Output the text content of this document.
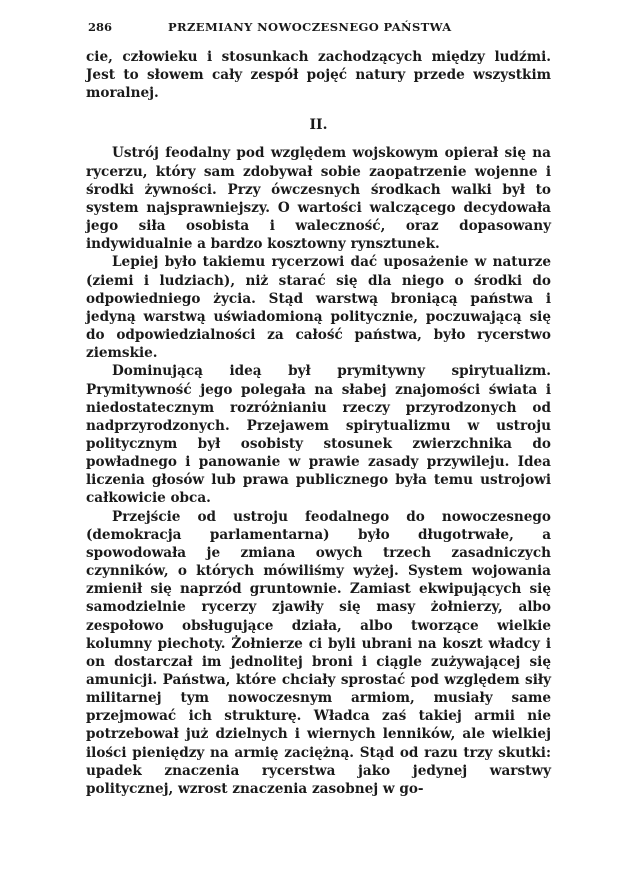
286	PRZEMIANY NOWOCZESNEGO PAŃSTWA

cie, człowieku i stosunkach zachodzących między ludźmi. Jest to słowem cały zespół pojęć natury przede wszystkim moralnej.

II.

Ustrój feodalny pod względem wojskowym opierał się na rycerzu, który sam zdobywał sobie zaopatrzenie wojenne i środki żywności. Przy ówczesnych środkach walki był to system najsprawniejszy. O wartości walczącego decydowała jego siła osobista i waleczność, oraz dopasowany indywidualnie a bardzo kosztowny rynsztunek.

Lepiej było takiemu rycerzowi dać uposażenie w naturze (ziemi i ludziach), niż starać się dla niego o środki do odpowiedniego życia. Stąd warstwą broniącą państwa i jedyną warstwą uświadomioną politycznie, poczuwającą się do odpowiedzialności za całość państwa, było rycerstwo ziemskie.

Dominującą ideą był prymitywny spirytualizm. Prymitywność jego polegała na słabej znajomości świata i niedostatecznym rozróżnianiu rzeczy przyrodzonych od nadprzyrodzonych. Przejawem spirytualizmu w ustroju politycznym był osobisty stosunek zwierzchnika do powładnego i panowanie w prawie zasady przywileju. Idea liczenia głosów lub prawa publicznego była temu ustrojowi całkowicie obca.

Przejście od ustroju feodalnego do nowoczesnego (demokracja parlamentarna) było długotrwałe, a spowodowała je zmiana owych trzech zasadniczych czynników, o których mówiliśmy wyżej. System wojowania zmienił się naprzód gruntownie. Zamiast ekwipujących się samodzielnie rycerzy zjawiły się masy żołnierzy, albo zespołowo obsługujące działa, albo tworzące wielkie kolumny piechoty. Żołnierze ci byli ubrani na koszt władcy i on dostarczał im jednolitej broni i ciągle zużywającej się amunicji. Państwa, które chciały sprostać pod względem siły militarnej tym nowoczesnym armiom, musiały same przejmować ich strukturę. Władca zaś takiej armii nie potrzebował już dzielnych i wiernych lenników, ale wielkiej ilości pieniędzy na armię zaciężną. Stąd od razu trzy skutki: upadek znaczenia rycerstwa jako jedynej warstwy politycznej, wzrost znaczenia zasobnej w go-
